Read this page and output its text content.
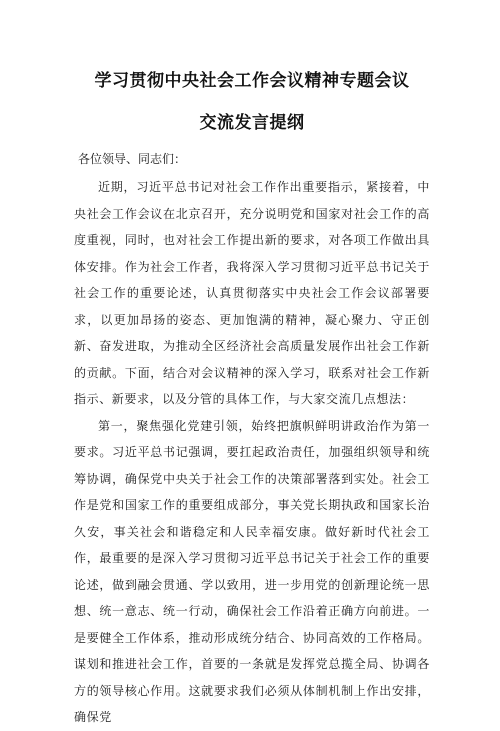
学习贯彻中央社会工作会议精神专题会议
交流发言提纲
各位领导、同志们：

近期，习近平总书记对社会工作作出重要指示，紧接着，中央社会工作会议在北京召开，充分说明党和国家对社会工作的高度重视，同时，也对社会工作提出新的要求，对各项工作做出具体安排。作为社会工作者，我将深入学习贯彻习近平总书记关于社会工作的重要论述，认真贯彻落实中央社会工作会议部署要求，以更加昂扬的姿态、更加饱满的精神，凝心聚力、守正创新、奋发进取，为推动全区经济社会高质量发展作出社会工作新的贡献。下面，结合对会议精神的深入学习，联系对社会工作新指示、新要求，以及分管的具体工作，与大家交流几点想法：

第一，聚焦强化党建引领，始终把旗帜鲜明讲政治作为第一要求。习近平总书记强调，要扛起政治责任，加强组织领导和统筹协调，确保党中央关于社会工作的决策部署落到实处。社会工作是党和国家工作的重要组成部分，事关党长期执政和国家长治久安，事关社会和谐稳定和人民幸福安康。做好新时代社会工作，最重要的是深入学习贯彻习近平总书记关于社会工作的重要论述，做到融会贯通、学以致用，进一步用党的创新理论统一思想、统一意志、统一行动，确保社会工作沿着正确方向前进。一是要健全工作体系，推动形成统分结合、协同高效的工作格局。谋划和推进社会工作，首要的一条就是发挥党总揽全局、协调各方的领导核心作用。这就要求我们必须从体制机制上作出安排，确保党
